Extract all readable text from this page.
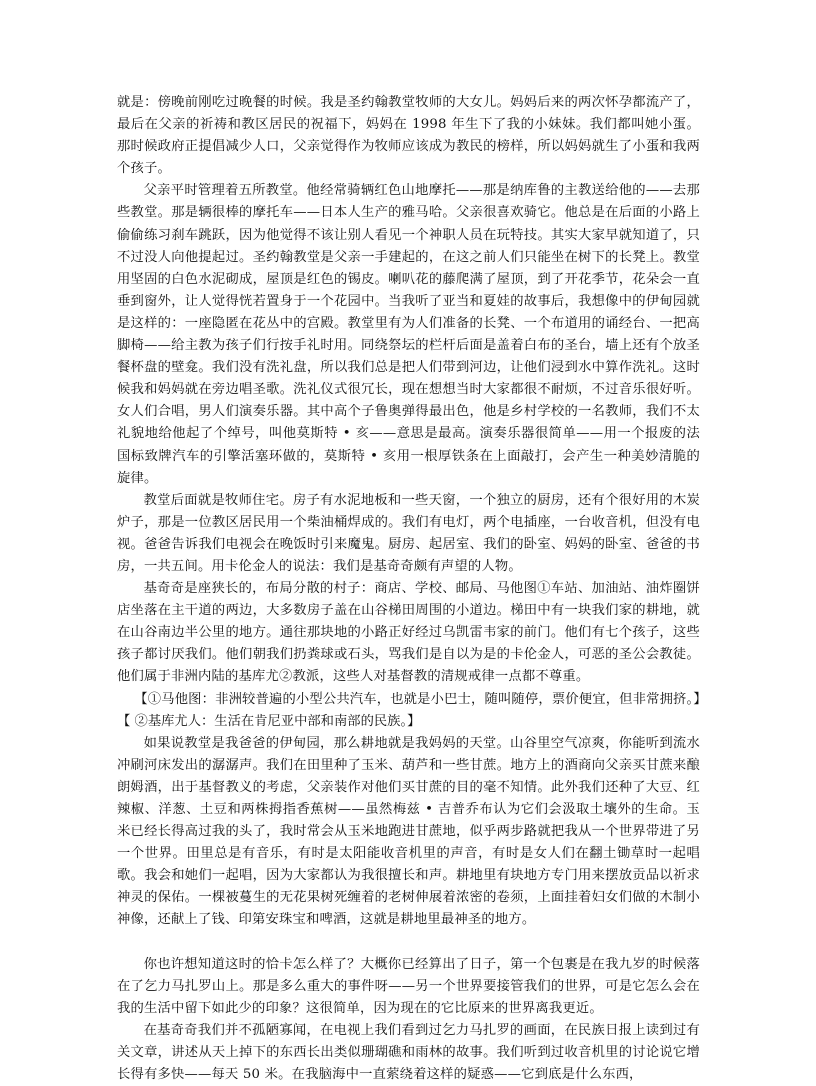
就是：傍晚前刚吃过晚餐的时候。我是圣约翰教堂牧师的大女儿。妈妈后来的两次怀孕都流产了，最后在父亲的祈祷和教区居民的祝福下，妈妈在 1998 年生下了我的小妹妹。我们都叫她小蛋。那时候政府正提倡减少人口，父亲觉得作为牧师应该成为教民的榜样，所以妈妈就生了小蛋和我两个孩子。

父亲平时管理着五所教堂。他经常骑辆红色山地摩托——那是纳库鲁的主教送给他的——去那些教堂。那是辆很棒的摩托车——日本人生产的雅马哈。父亲很喜欢骑它。他总是在后面的小路上偷偷练习刹车跳跃，因为他觉得不该让别人看见一个神职人员在玩特技。其实大家早就知道了，只不过没人向他提起过。圣约翰教堂是父亲一手建起的，在这之前人们只能坐在树下的长凳上。教堂用坚固的白色水泥砌成，屋顶是红色的锡皮。喇叭花的藤爬满了屋顶，到了开花季节，花朵会一直垂到窗外，让人觉得恍若置身于一个花园中。当我听了亚当和夏娃的故事后，我想像中的伊甸园就是这样的：一座隐匿在花丛中的宫殿。教堂里有为人们准备的长凳、一个布道用的诵经台、一把高脚椅——给主教为孩子们行按手礼时用。同绕祭坛的栏杆后面是盖着白布的圣台，墙上还有个放圣餐杯盘的壁龛。我们没有洗礼盘，所以我们总是把人们带到河边，让他们浸到水中算作洗礼。这时候我和妈妈就在旁边唱圣歌。洗礼仪式很冗长，现在想想当时大家都很不耐烦，不过音乐很好听。女人们合唱，男人们演奏乐器。其中高个子鲁奥弹得最出色，他是乡村学校的一名教师，我们不太礼貌地给他起了个绰号，叫他莫斯特 • 亥——意思是最高。演奏乐器很简单——用一个报废的法国标致牌汽车的引擎活塞环做的，莫斯特 • 亥用一根厚铁条在上面敲打，会产生一种美妙清脆的旋律。

教堂后面就是牧师住宅。房子有水泥地板和一些天窗，一个独立的厨房，还有个很好用的木炭炉子，那是一位教区居民用一个柴油桶焊成的。我们有电灯，两个电插座，一台收音机，但没有电视。爸爸告诉我们电视会在晚饭时引来魔鬼。厨房、起居室、我们的卧室、妈妈的卧室、爸爸的书房，一共五间。用卡伦金人的说法：我们是基奇奇颇有声望的人物。

基奇奇是座狭长的，布局分散的村子：商店、学校、邮局、马他图①车站、加油站、油炸圈饼店坐落在主干道的两边，大多数房子盖在山谷梯田周围的小道边。梯田中有一块我们家的耕地，就在山谷南边半公里的地方。通往那块地的小路正好经过乌凯雷韦家的前门。他们有七个孩子，这些孩子都讨厌我们。他们朝我们扔粪球或石头，骂我们是自以为是的卡伦金人，可恶的圣公会教徒。他们属于非洲内陆的基库尤②教派，这些人对基督教的清规戒律一点都不尊重。

【①马他图：非洲较普遍的小型公共汽车，也就是小巴士，随叫随停，票价便宜，但非常拥挤。】　　【 ②基库尤人：生活在肯尼亚中部和南部的民族。】

如果说教堂是我爸爸的伊甸园，那么耕地就是我妈妈的天堂。山谷里空气凉爽，你能听到流水冲刷河床发出的潺潺声。我们在田里种了玉米、葫芦和一些甘蔗。地方上的酒商向父亲买甘蔗来酿朗姆酒，出于基督教义的考虑，父亲装作对他们买甘蔗的目的毫不知情。此外我们还种了大豆、红辣椒、洋葱、土豆和两株拇指香蕉树——虽然梅兹 • 吉普乔布认为它们会汲取土壤外的生命。玉米已经长得高过我的头了，我时常会从玉米地跑进甘蔗地，似乎两步路就把我从一个世界带进了另一个世界。田里总是有音乐，有时是太阳能收音机里的声音，有时是女人们在翻土锄草时一起唱歌。我会和她们一起唱，因为大家都认为我很擅长和声。耕地里有块地方专门用来摆放贡品以祈求神灵的保佑。一棵被蔓生的无花果树死缠着的老树伸展着浓密的卷须，上面挂着妇女们做的木制小神像，还献上了钱、印第安珠宝和啤酒，这就是耕地里最神圣的地方。

你也许想知道这时的恰卡怎么样了？大概你已经算出了日子，第一个包裹是在我九岁的时候落在了乞力马扎罗山上。那是多么重大的事件呀——另一个世界要接管我们的世界，可是它怎么会在我的生活中留下如此少的印象？这很简单，因为现在的它比原来的世界离我更近。

在基奇奇我们并不孤陋寡闻，在电视上我们看到过乞力马扎罗的画面，在民族日报上读到过有关文章，讲述从天上掉下的东西长出类似珊瑚礁和雨林的故事。我们听到过收音机里的讨论说它增长得有多快——每天 50 米。在我脑海中一直萦绕着这样的疑惑——它到底是什么东西，
